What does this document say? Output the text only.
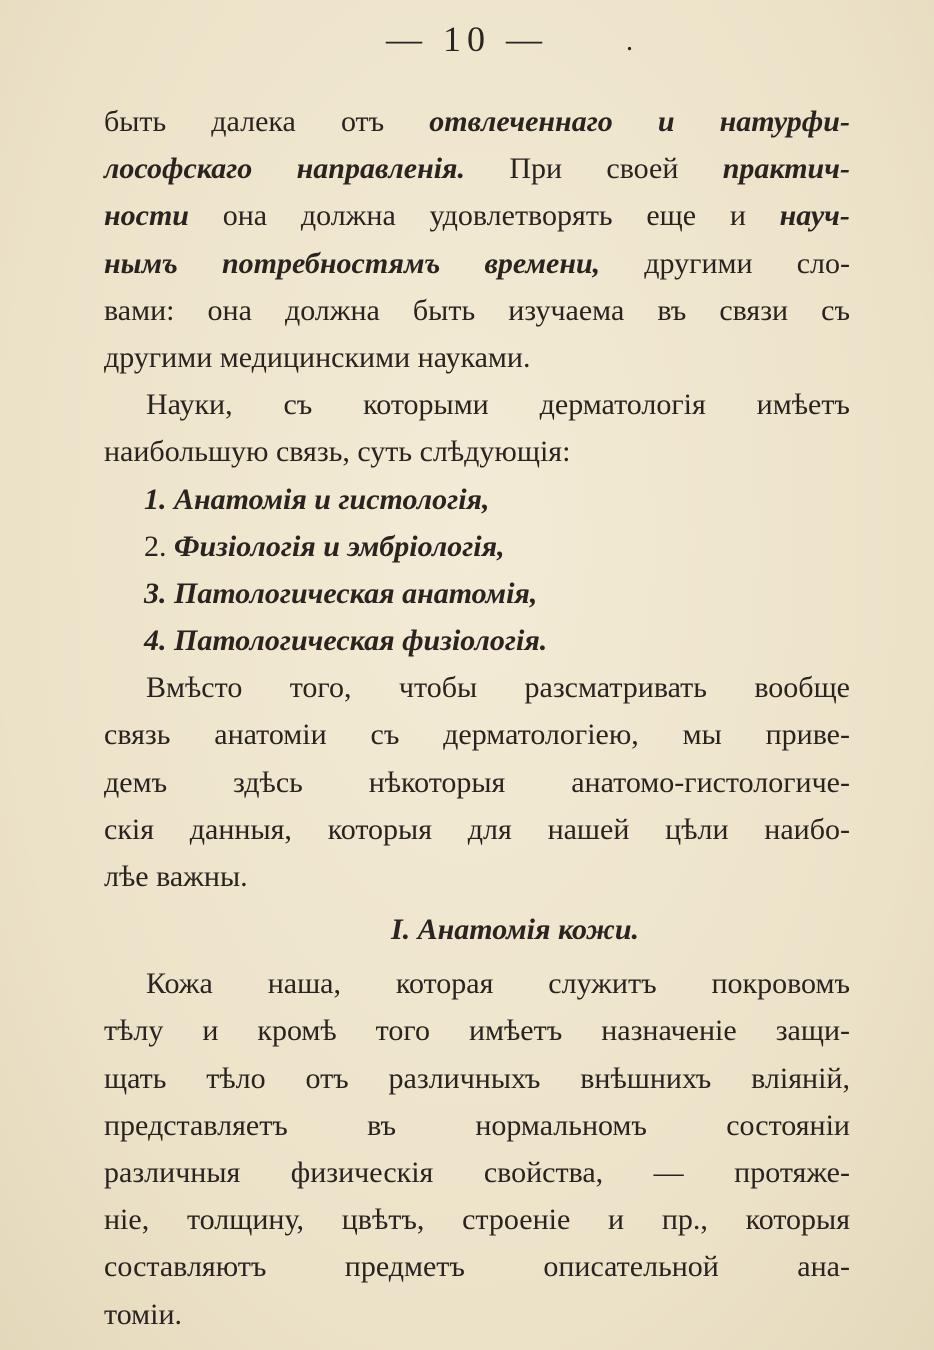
— 10 —	.
быть далека отъ отвлеченнаго и натурфи-
лософскаго направленія. При своей практич-
ности она должна удовлетворять еще и науч-
нымъ потребностямъ времени, другими сло-
вами: она должна быть изучаема въ связи съ
другими медицинскими науками.
Науки, съ которыми дерматологія имѣетъ
наибольшую связь, суть слѣдующія:
1. Анатомія и гистологія,
2. Физіологія и эмбріологія,
3. Патологическая анатомія,
4. Патологическая физіологія.
Вмѣсто того, чтобы разсматривать вообще
связь анатоміи съ дерматологіею, мы приве-
демъ здѣсь нѣкоторыя анатомо-гистологиче-
скія данныя, которыя для нашей цѣли наибо-
лѣе важны.
I. Анатомія кожи.
Кожа наша, которая служитъ покровомъ
тѣлу и кромѣ того имѣетъ назначеніе защи-
щать тѣло отъ различныхъ внѣшнихъ вліяній,
представляетъ	въ	нормальномъ	состояніи
различныя физическія свойства, — протяже-
ніе, толщину, цвѣтъ, строеніе и пр., которыя
составляютъ	предметъ	описательной	ана-
томіи.
